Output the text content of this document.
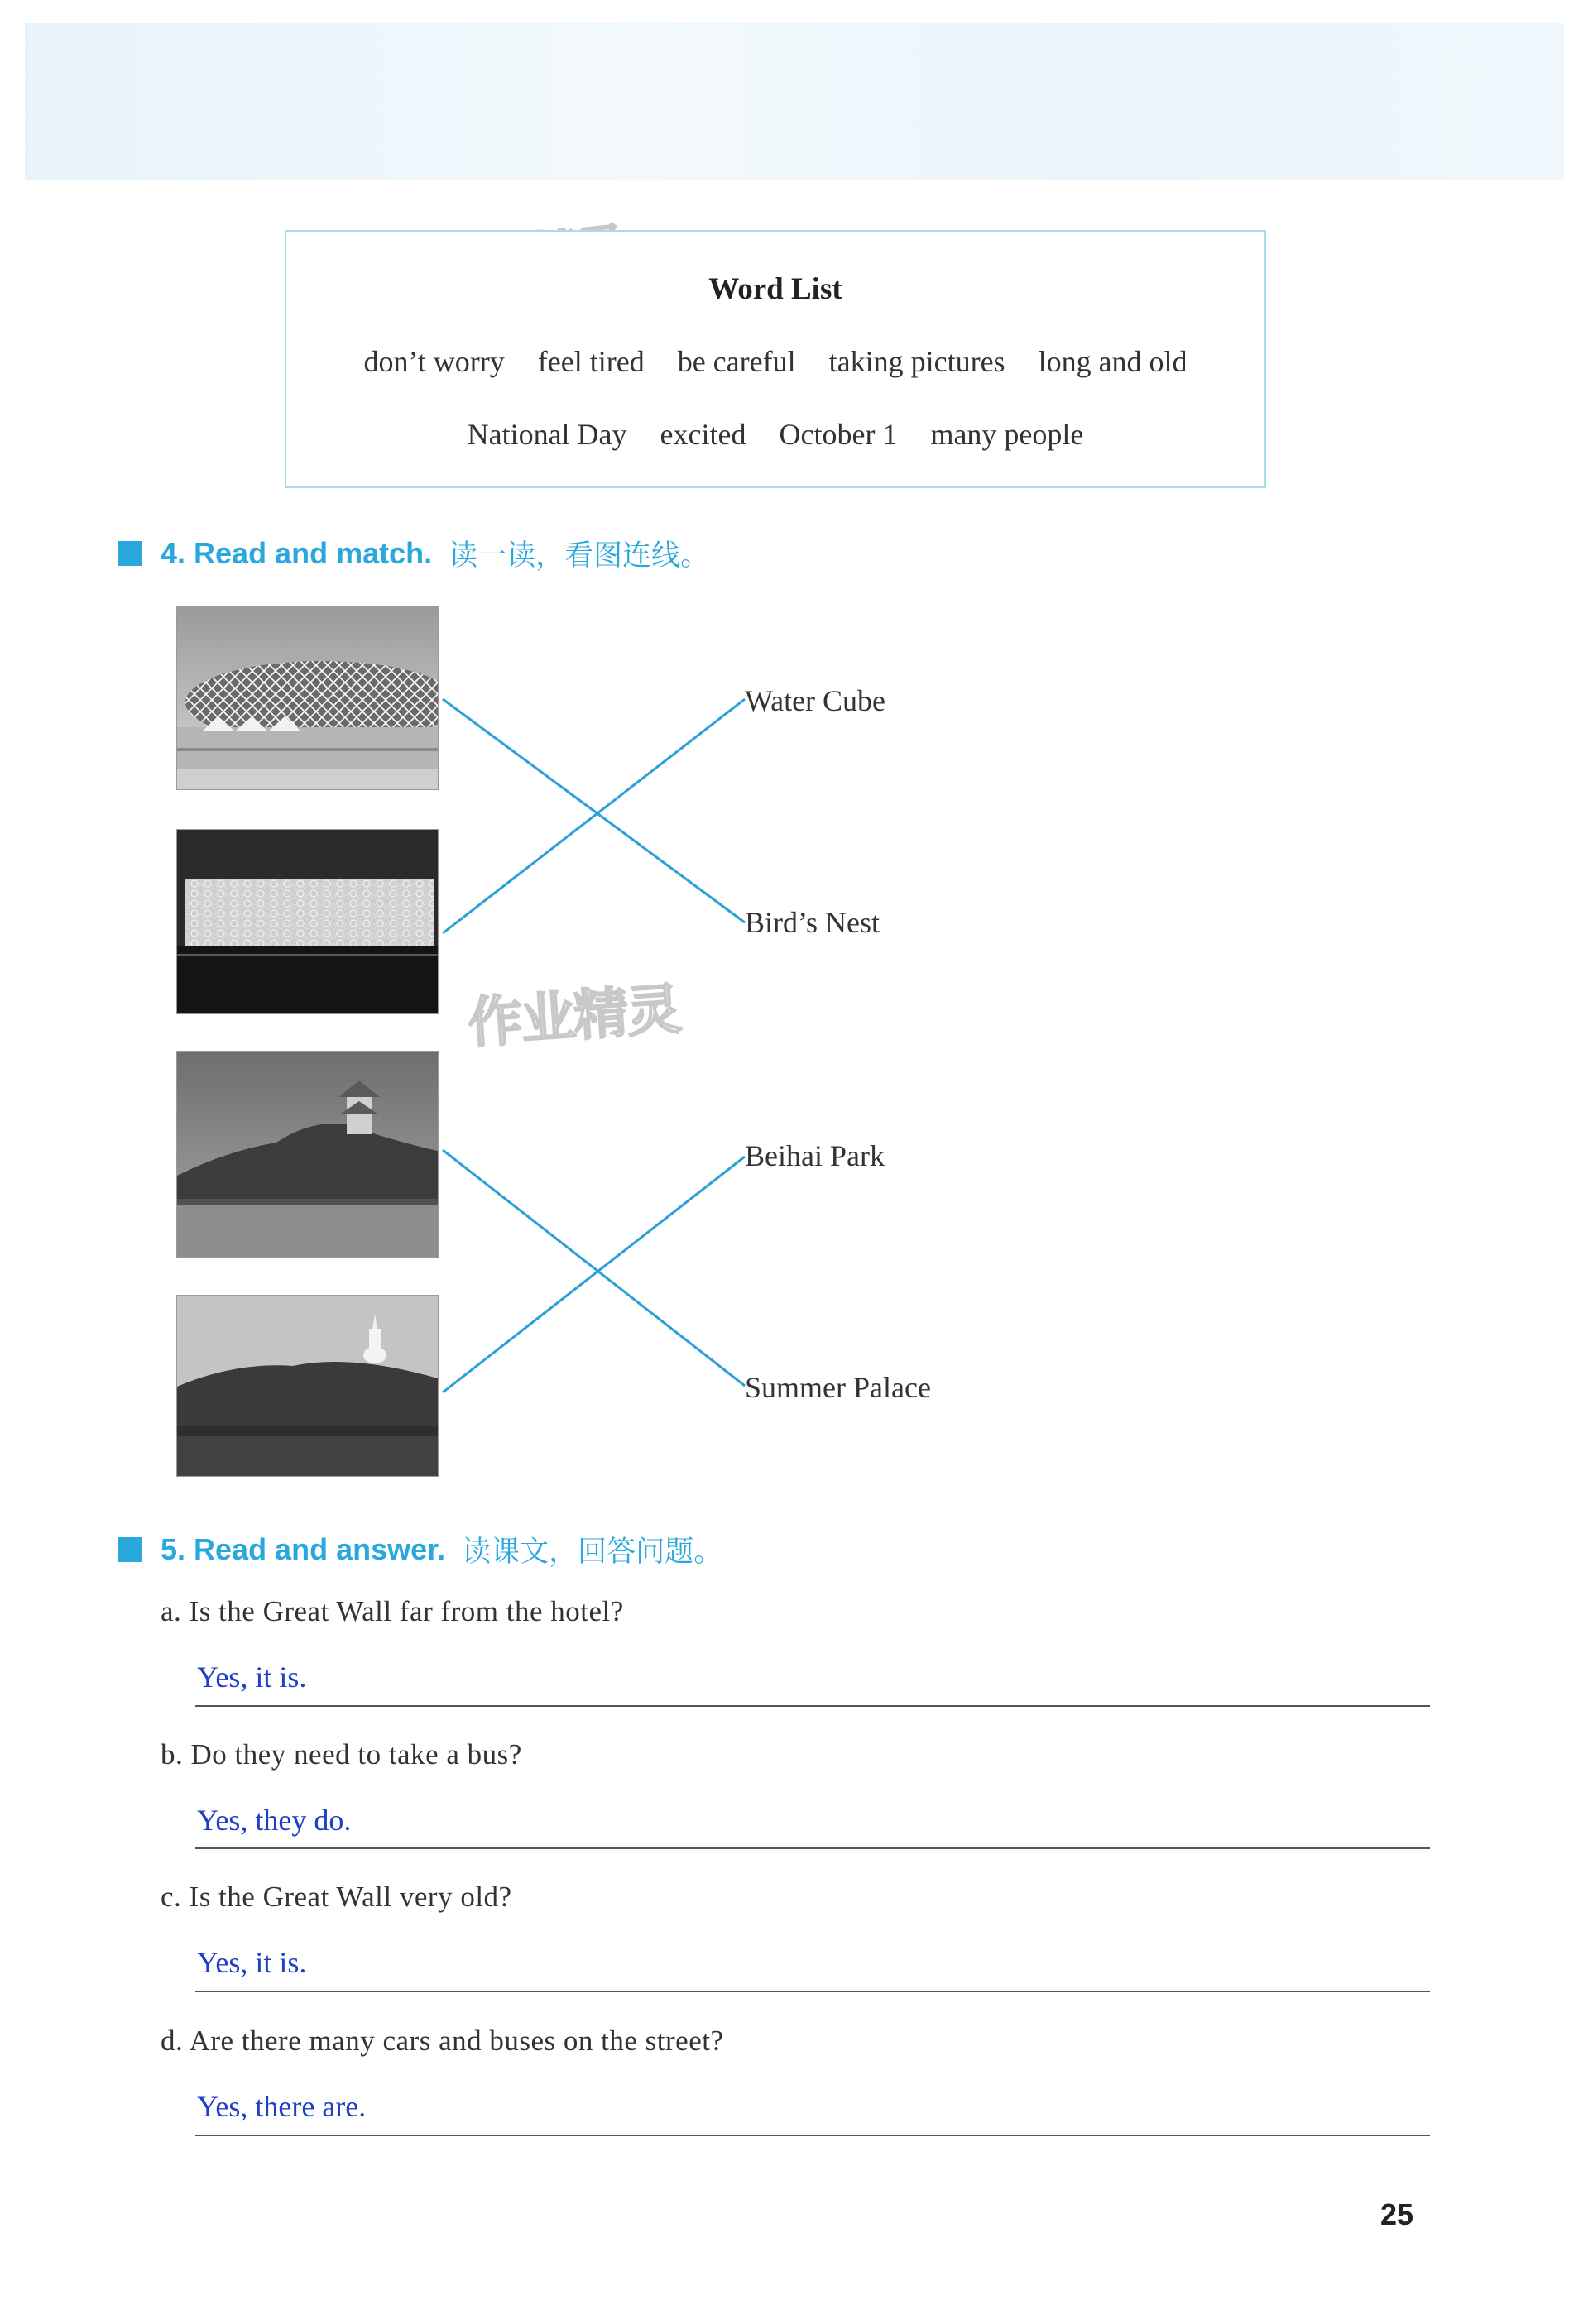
Word List
don’t worry feel tired be careful taking pictures long and old
National Day excited October 1 many people
4. Read and match. 读一读，看图连线。
Water Cube
Bird’s Nest
Beihai Park
Summer Palace
作业精灵
5. Read and answer. 读课文，回答问题。
a. Is the Great Wall far from the hotel?
Yes, it is.
b. Do they need to take a bus?
Yes, they do.
c. Is the Great Wall very old?
Yes, it is.
d. Are there many cars and buses on the street?
Yes, there are.
25
